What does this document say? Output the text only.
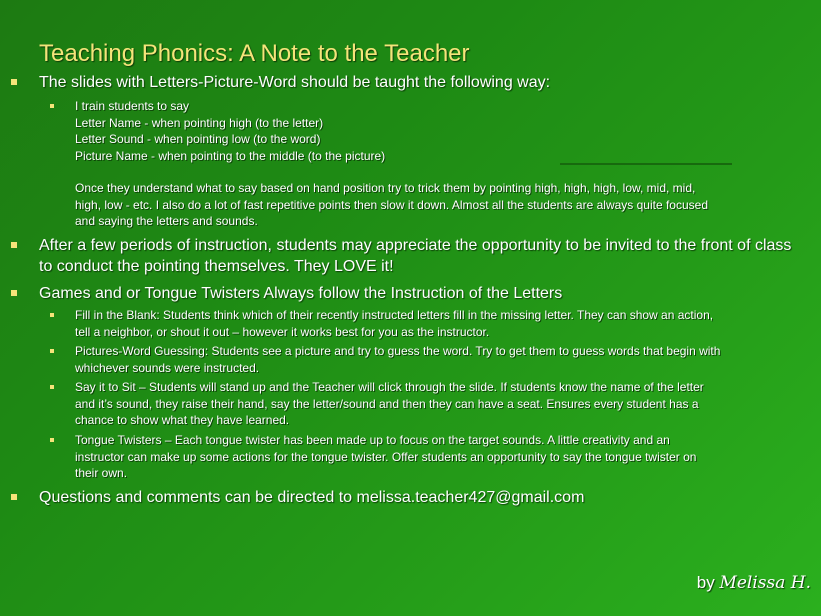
Teaching Phonics: A Note to the Teacher
The slides with Letters-Picture-Word should be taught the following way:
I train students to say
Letter Name - when pointing high (to the letter)
Letter Sound - when pointing low (to the word)
Picture Name - when pointing to the middle (to the picture)
Once they understand what to say based on hand position try to trick them by pointing high, high, high, low, mid, mid,
high, low - etc. I also do a lot of fast repetitive points then slow it down. Almost all the students are always quite focused
and saying the letters and sounds.
After a few periods of instruction, students may appreciate the opportunity to be invited to the front of class to conduct the pointing themselves. They LOVE it!
Games and or Tongue Twisters Always follow the Instruction of the Letters
Fill in the Blank: Students think which of their recently instructed letters fill in the missing letter. They can show an action,
tell a neighbor, or shout it out – however it works best for you as the instructor.
Pictures-Word Guessing: Students see a picture and try to guess the word. Try to get them to guess words that begin with
whichever sounds were instructed.
Say it to Sit – Students will stand up and the Teacher will click through the slide. If students know the name of the letter
and it’s sound, they raise their hand, say the letter/sound and then they can have a seat. Ensures every student has a
chance to show what they have learned.
Tongue Twisters – Each tongue twister has been made up to focus on the target sounds. A little creativity and an
instructor can make up some actions for the tongue twister. Offer students an opportunity to say the tongue twister on
their own.
Questions and comments can be directed to melissa.teacher427@gmail.com
by Melissa H.
